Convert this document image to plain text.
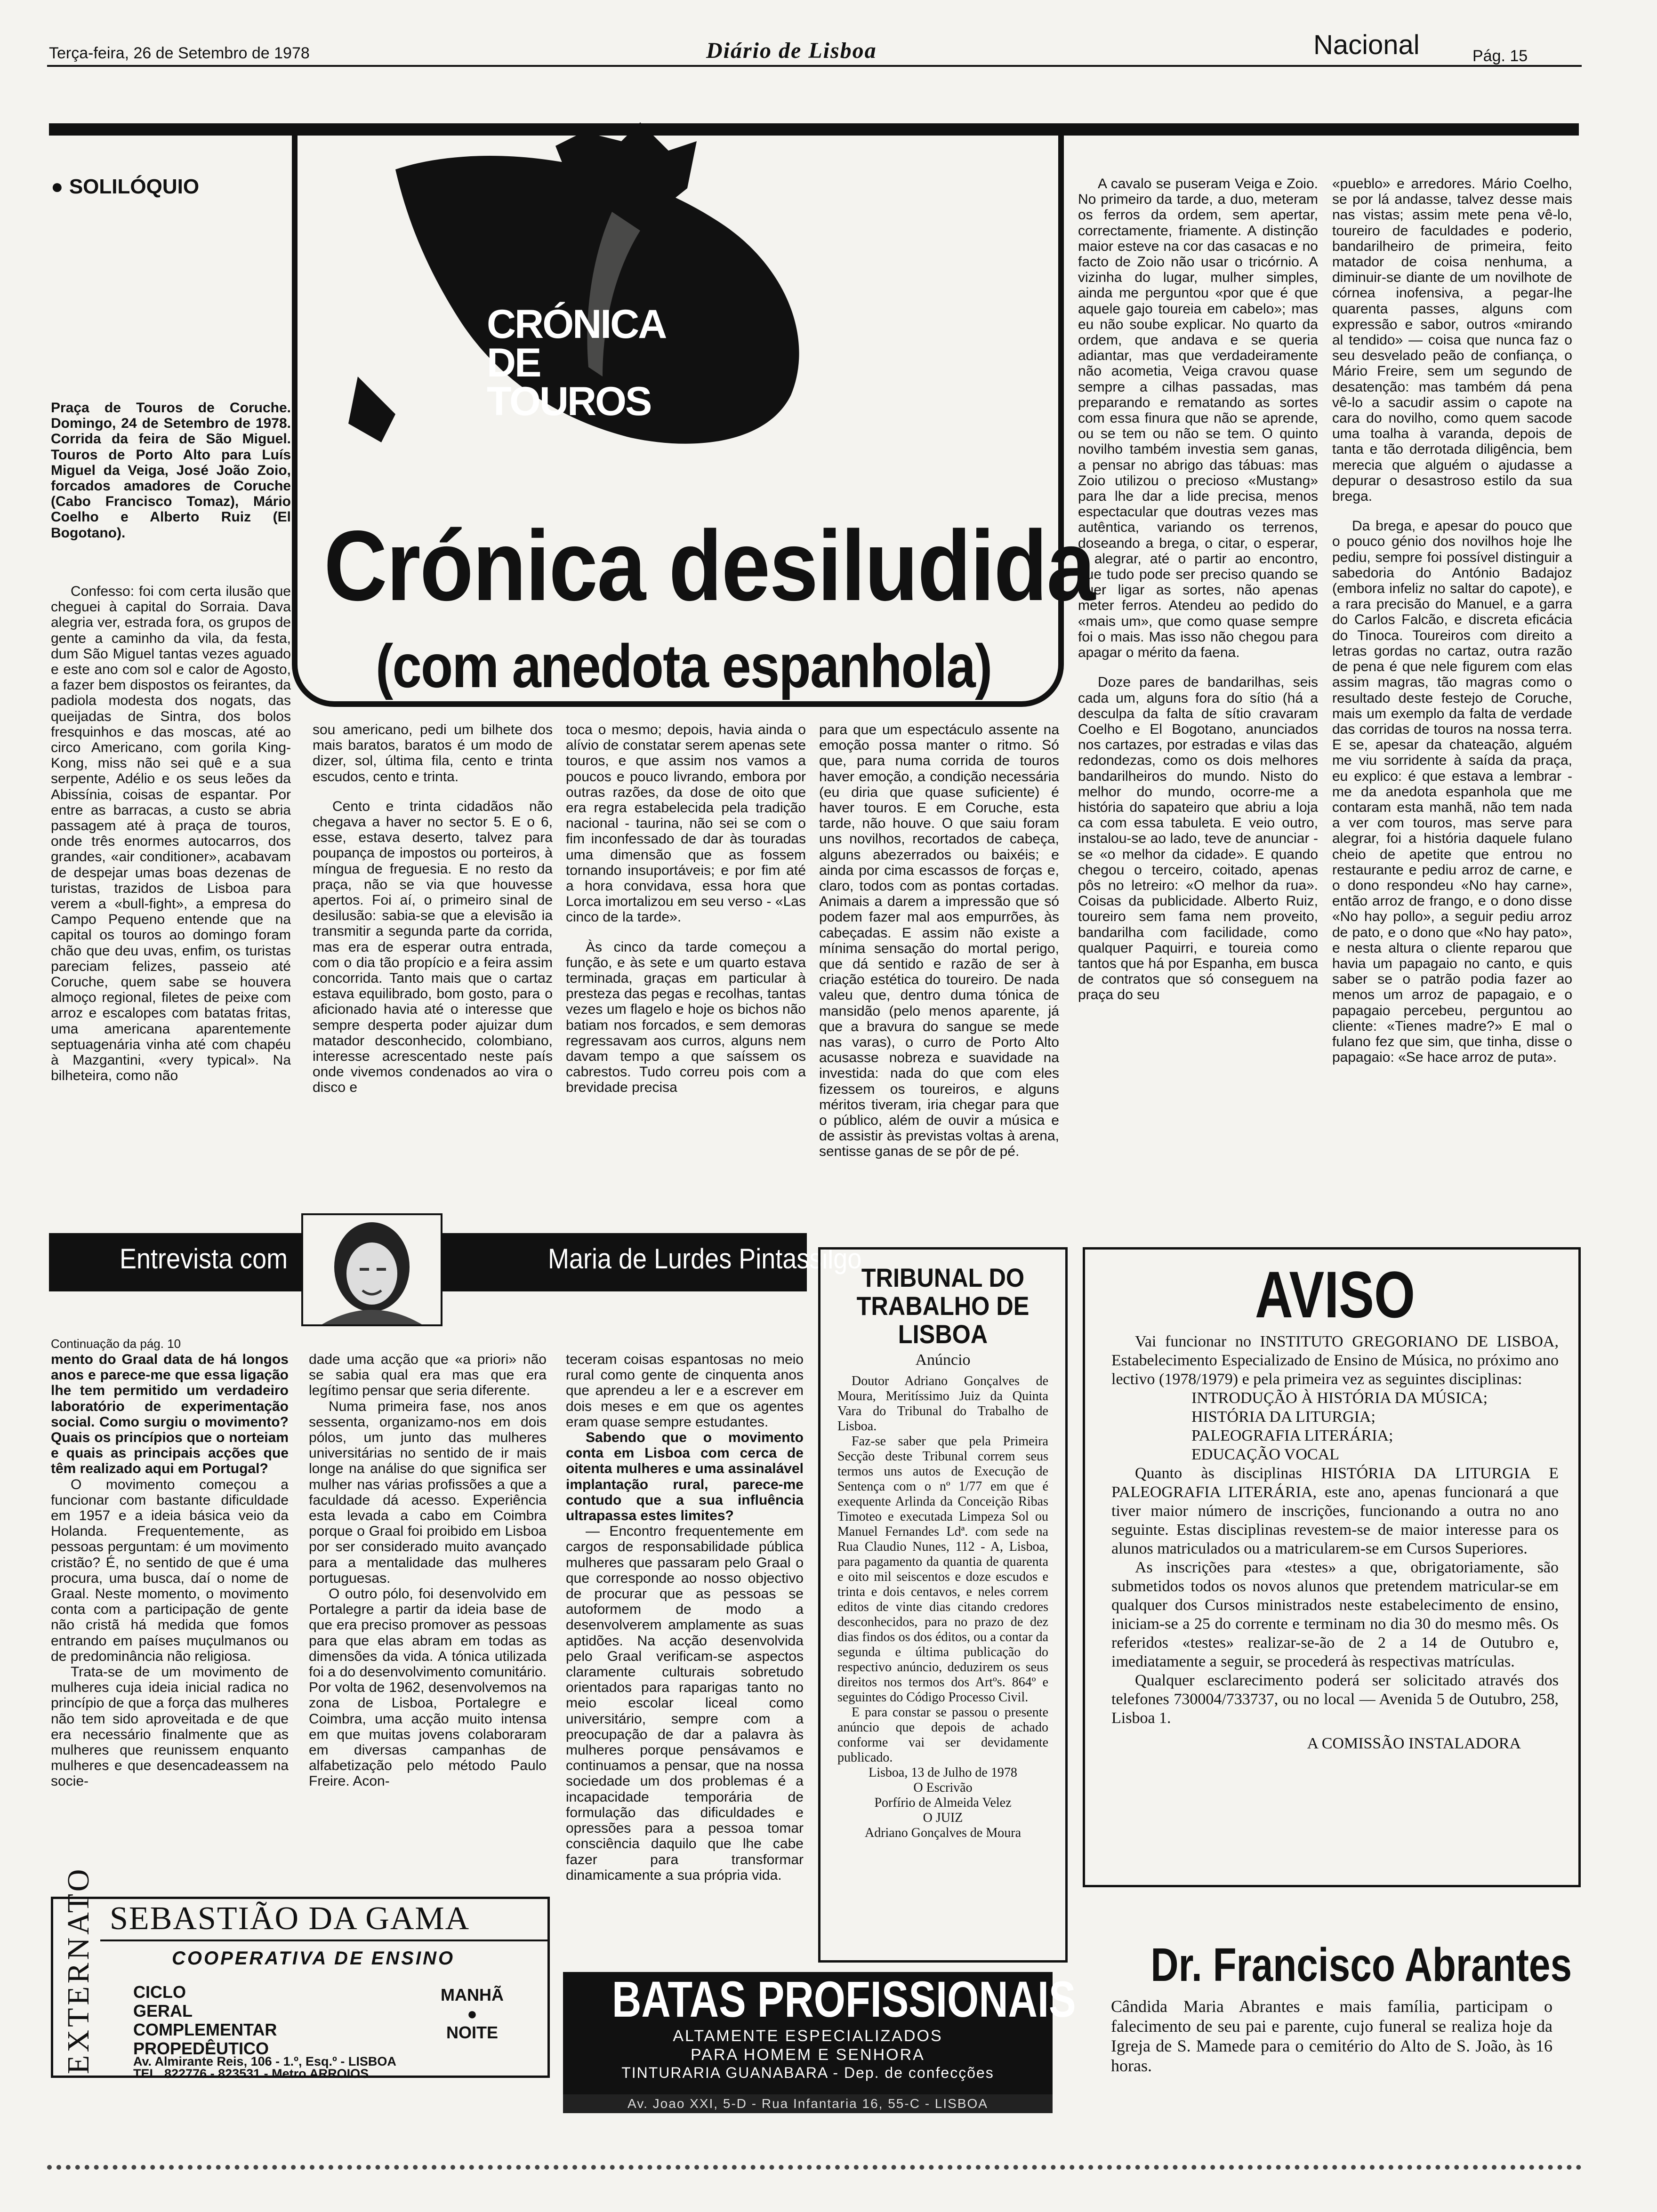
Terça-feira, 26 de Setembro de 1978	Diário de Lisboa	Nacional	Pág. 15
● SOLILÓQUIO
CRÓNICA DE TOUROS
Crónica desiludida
(com anedota espanhola)
Praça de Touros de Coruche. Domingo, 24 de Setembro de 1978. Corrida da feira de São Miguel. Touros de Porto Alto para Luís Miguel da Veiga, José João Zoio, forcados amadores de Coruche (Cabo Francisco Tomaz), Mário Coelho e Alberto Ruiz (El Bogotano).

Confesso: foi com certa ilusão que cheguei à capital do Sorraia. Dava alegria ver, estrada fora, os grupos de gente a caminho da vila, da festa, dum São Miguel tantas vezes aguado e este ano com sol e calor de Agosto, a fazer bem dispostos os feirantes, da padiola modesta dos nogats, das queijadas de Sintra, dos bolos fresquinhos e das moscas, até ao circo Americano, com gorila King-Kong, miss não sei quê e a sua serpente, Adélio e os seus leões da Abissínia, coisas de espantar. Por entre as barracas, a custo se abria passagem até à praça de touros, onde três enormes autocarros, dos grandes, «air conditioner», acabavam de despejar umas boas dezenas de turistas, trazidos de Lisboa para verem a «bull-fight», a empresa do Campo Pequeno entende que na capital os touros ao domingo foram chão que deu uvas, enfim, os turistas pareciam felizes, passeio até Coruche, quem sabe se houvera almoço regional, filetes de peixe com arroz e escalopes com batatas fritas, uma americana aparentemente septuagenária vinha até com chapéu à Mazgantini, «very typical». Na bilheteira, como não

sou americano, pedi um bilhete dos mais baratos, baratos é um modo de dizer, sol, última fila, cento e trinta escudos, cento e trinta.

Cento e trinta cidadãos não chegava a haver no sector 5. E o 6, esse, estava deserto, talvez para poupança de impostos ou porteiros, à míngua de freguesia. E no resto da praça, não se via que houvesse apertos. Foi aí, o primeiro sinal de desilusão: sabia-se que a elevisão ia transmitir a segunda parte da corrida, mas era de esperar outra entrada, com o dia tão propício e a feira assim concorrida. Tanto mais que o cartaz estava equilibrado, bom gosto, para o aficionado havia até o interesse que sempre desperta poder ajuizar dum matador desconhecido, colombiano, interesse acrescentado neste país onde vivemos condenados ao vira o disco e

toca o mesmo; depois, havia ainda o alívio de constatar serem apenas sete touros, e que assim nos vamos a poucos e pouco livrando, embora por outras razões, da dose de oito que era regra estabelecida pela tradição nacional - taurina, não sei se com o fim inconfessado de dar às touradas uma dimensão que as fossem tornando insuportáveis; e por fim até a hora convidava, essa hora que Lorca imortalizou em seu verso - «Las cinco de la tarde».

Às cinco da tarde começou a função, e às sete e um quarto estava terminada, graças em particular à presteza das pegas e recolhas, tantas vezes um flagelo e hoje os bichos não batiam nos forcados, e sem demoras regressavam aos curros, alguns nem davam tempo a que saíssem os cabrestos. Tudo correu pois com a brevidade precisa

para que um espectáculo assente na emoção possa manter o ritmo. Só que, para numa corrida de touros haver emoção, a condição necessária (eu diria que quase suficiente) é haver touros. E em Coruche, esta tarde, não houve. O que saiu foram uns novilhos, recortados de cabeça, alguns abezerrados ou baixéis; e ainda por cima escassos de forças e, claro, todos com as pontas cortadas. Animais a darem a impressão que só podem fazer mal aos empurrões, às cabeçadas. E assim não existe a mínima sensação do mortal perigo, que dá sentido e razão de ser à criação estética do toureiro. De nada valeu que, dentro duma tónica de mansidão (pelo menos aparente, já que a bravura do sangue se mede nas varas), o curro de Porto Alto acusasse nobreza e suavidade na investida: nada do que com eles fizessem os toureiros, e alguns méritos tiveram, iria chegar para que o público, além de ouvir a música e de assistir às previstas voltas à arena, sentisse ganas de se pôr de pé.

A cavalo se puseram Veiga e Zoio. No primeiro da tarde, a duo, meteram os ferros da ordem, sem apertar, correctamente, friamente. A distinção maior esteve na cor das casacas e no facto de Zoio não usar o tricórnio. A vizinha do lugar, mulher simples, ainda me perguntou «por que é que aquele gajo toureia em cabelo»; mas eu não soube explicar. No quarto da ordem, que andava e se queria adiantar, mas que verdadeiramente não acometia, Veiga cravou quase sempre a cilhas passadas, mas preparando e rematando as sortes com essa finura que não se aprende, ou se tem ou não se tem. O quinto novilho também investia sem ganas, a pensar no abrigo das tábuas: mas Zoio utilizou o precioso «Mustang» para lhe dar a lide precisa, menos espectacular que doutras vezes mas autêntica, variando os terrenos, doseando a brega, o citar, o esperar, o alegrar, até o partir ao encontro, que tudo pode ser preciso quando se quer ligar as sortes, não apenas meter ferros. Atendeu ao pedido do «mais um», que como quase sempre foi o mais. Mas isso não chegou para apagar o mérito da faena.

Doze pares de bandarilhas, seis cada um, alguns fora do sítio (há a desculpa da falta de sítio cravaram Coelho e El Bogotano, anunciados nos cartazes, por estradas e vilas das redondezas, como os dois melhores bandarilheiros do mundo. Nisto do melhor do mundo, ocorre-me a história do sapateiro que abriu a loja ca com essa tabuleta. E veio outro, instalou-se ao lado, teve de anunciar - se «o melhor da cidade». E quando chegou o terceiro, coitado, apenas pôs no letreiro: «O melhor da rua». Coisas da publicidade. Alberto Ruiz, toureiro sem fama nem proveito, bandarilha com facilidade, como qualquer Paquirri, e toureia como tantos que há por Espanha, em busca de contratos que só conseguem na praça do seu

«pueblo» e arredores. Mário Coelho, se por lá andasse, talvez desse mais nas vistas; assim mete pena vê-lo, toureiro de faculdades e poderio, bandarilheiro de primeira, feito matador de coisa nenhuma, a diminuir-se diante de um novilhote de córnea inofensiva, a pegar-lhe quarenta passes, alguns com expressão e sabor, outros «mirando al tendido» — coisa que nunca faz o seu desvelado peão de confiança, o Mário Freire, sem um segundo de desatenção: mas também dá pena vê-lo a sacudir assim o capote na cara do novilho, como quem sacode uma toalha à varanda, depois de tanta e tão derrotada diligência, bem merecia que alguém o ajudasse a depurar o desastroso estilo da sua brega.

Da brega, e apesar do pouco que o pouco génio dos novilhos hoje lhe pediu, sempre foi possível distinguir a sabedoria do António Badajoz (embora infeliz no saltar do capote), e a rara precisão do Manuel, e a garra do Carlos Falcão, e discreta eficácia do Tinoca. Toureiros com direito a letras gordas no cartaz, outra razão de pena é que nele figurem com elas assim magras, tão magras como o resultado deste festejo de Coruche, mais um exemplo da falta de verdade das corridas de touros na nossa terra. E se, apesar da chateação, alguém me viu sorridente à saída da praça, eu explico: é que estava a lembrar - me da anedota espanhola que me contaram esta manhã, não tem nada a ver com touros, mas serve para alegrar, foi a história daquele fulano cheio de apetite que entrou no restaurante e pediu arroz de carne, e o dono respondeu «No hay carne», então arroz de frango, e o dono disse «No hay pollo», a seguir pediu arroz de pato, e o dono que «No hay pato», e nesta altura o cliente reparou que havia um papagaio no canto, e quis saber se o patrão podia fazer ao menos um arroz de papagaio, e o papagaio percebeu, perguntou ao cliente: «Tienes madre?» E mal o fulano fez que sim, que tinha, disse o papagaio: «Se hace arroz de puta».

Entrevista com	Maria de Lurdes Pintassilgo
Continuação da pág. 10

mento do Graal data de há longos anos e parece-me que essa ligação lhe tem permitido um verdadeiro laboratório de experimentação social. Como surgiu o movimento? Quais os princípios que o norteiam e quais as principais acções que têm realizado aqui em Portugal?

O movimento começou a funcionar com bastante dificuldade em 1957 e a ideia básica veio da Holanda. Frequentemente, as pessoas perguntam: é um movimento cristão? É, no sentido de que é uma procura, uma busca, daí o nome de Graal. Neste momento, o movimento conta com a participação de gente não cristã há medida que fomos entrando em países muçulmanos ou de predominância não religiosa.

Trata-se de um movimento de mulheres cuja ideia inicial radica no princípio de que a força das mulheres não tem sido aproveitada e de que era necessário finalmente que as mulheres que reunissem enquanto mulheres e que desencadeassem na socie-

dade uma acção que «a priori» não se sabia qual era mas que era legítimo pensar que seria diferente.

Numa primeira fase, nos anos sessenta, organizamo-nos em dois pólos, um junto das mulheres universitárias no sentido de ir mais longe na análise do que significa ser mulher nas várias profissões a que a faculdade dá acesso. Experiência esta levada a cabo em Coimbra porque o Graal foi proibido em Lisboa por ser considerado muito avançado para a mentalidade das mulheres portuguesas.

O outro pólo, foi desenvolvido em Portalegre a partir da ideia base de que era preciso promover as pessoas para que elas abram em todas as dimensões da vida. A tónica utilizada foi a do desenvolvimento comunitário. Por volta de 1962, desenvolvemos na zona de Lisboa, Portalegre e Coimbra, uma acção muito intensa em que muitas jovens colaboraram em diversas campanhas de alfabetização pelo método Paulo Freire. Acon-

teceram coisas espantosas no meio rural como gente de cinquenta anos que aprendeu a ler e a escrever em dois meses e em que os agentes eram quase sempre estudantes.

Sabendo que o movimento conta em Lisboa com cerca de oitenta mulheres e uma assinalável implantação rural, parece-me contudo que a sua influência ultrapassa estes limites?

— Encontro frequentemente em cargos de responsabilidade pública mulheres que passaram pelo Graal o que corresponde ao nosso objectivo de procurar que as pessoas se autoformem de modo a desenvolverem amplamente as suas aptidões. Na acção desenvolvida pelo Graal verificam-se aspectos claramente culturais sobretudo orientados para raparigas tanto no meio escolar liceal como universitário, sempre com a preocupação de dar a palavra às mulheres porque pensávamos e continuamos a pensar, que na nossa sociedade um dos problemas é a incapacidade temporária de formulação das dificuldades e opressões para a pessoa tomar consciência daquilo que lhe cabe fazer para transformar dinamicamente a sua própria vida.

TRIBUNAL DO TRABALHO DE LISBOA
Anúncio

Doutor Adriano Gonçalves de Moura, Meritíssimo Juiz da Quinta Vara do Tribunal do Trabalho de Lisboa.

Faz-se saber que pela Primeira Secção deste Tribunal correm seus termos uns autos de Execução de Sentença com o nº 1/77 em que é exequente Arlinda da Conceição Ribas Timoteo e executada Limpeza Sol ou Manuel Fernandes Ldª. com sede na Rua Claudio Nunes, 112 - A, Lisboa, para pagamento da quantia de quarenta e oito mil seiscentos e doze escudos e trinta e dois centavos, e neles correm editos de vinte dias citando credores desconhecidos, para no prazo de dez dias findos os dos éditos, ou a contar da segunda e última publicação do respectivo anúncio, deduzirem os seus direitos nos termos dos Artºs. 864º e seguintes do Código Processo Civil.

E para constar se passou o presente anúncio que depois de achado conforme vai ser devidamente publicado.

Lisboa, 13 de Julho de 1978
O Escrivão
Porfírio de Almeida Velez
O JUIZ
Adriano Gonçalves de Moura
AVISO

Vai funcionar no INSTITUTO GREGORIANO DE LISBOA, Estabelecimento Especializado de Ensino de Música, no próximo ano lectivo (1978/1979) e pela primeira vez as seguintes disciplinas:

INTRODUÇÃO À HISTÓRIA DA MÚSICA;
HISTÓRIA DA LITURGIA;
PALEOGRAFIA LITERÁRIA;
EDUCAÇÃO VOCAL

Quanto às disciplinas HISTÓRIA DA LITURGIA E PALEOGRAFIA LITERÁRIA, este ano, apenas funcionará a que tiver maior número de inscrições, funcionando a outra no ano seguinte. Estas disciplinas revestem-se de maior interesse para os alunos matriculados ou a matricularem-se em Cursos Superiores.

As inscrições para «testes» a que, obrigatoriamente, são submetidos todos os novos alunos que pretendem matricular-se em qualquer dos Cursos ministrados neste estabelecimento de ensino, iniciam-se a 25 do corrente e terminam no dia 30 do mesmo mês. Os referidos «testes» realizar-se-ão de 2 a 14 de Outubro e, imediatamente a seguir, se procederá às respectivas matrículas.

Qualquer esclarecimento poderá ser solicitado através dos telefones 730004/733737, ou no local — Avenida 5 de Outubro, 258, Lisboa 1.

A COMISSÃO INSTALADORA
EXTERNATO SEBASTIÃO DA GAMA
COOPERATIVA DE ENSINO
CICLO
GERAL
COMPLEMENTAR
PROPEDÊUTICO
MANHÃ
●
NOITE
Av. Almirante Reis, 106 - 1.º, Esq.º - LISBOA
TEL. 822776 - 823531 - Metro ARROIOS
BATAS PROFISSIONAIS
ALTAMENTE ESPECIALIZADOS
PARA HOMEM E SENHORA
TINTURARIA GUANABARA - Dep. de confecções
Av. Joao XXI, 5-D - Rua Infantaria 16, 55-C - LISBOA
Dr. Francisco Abrantes
Cândida Maria Abrantes e mais família, participam o falecimento de seu pai e parente, cujo funeral se realiza hoje da Igreja de S. Mamede para o cemitério do Alto de S. João, às 16 horas.
